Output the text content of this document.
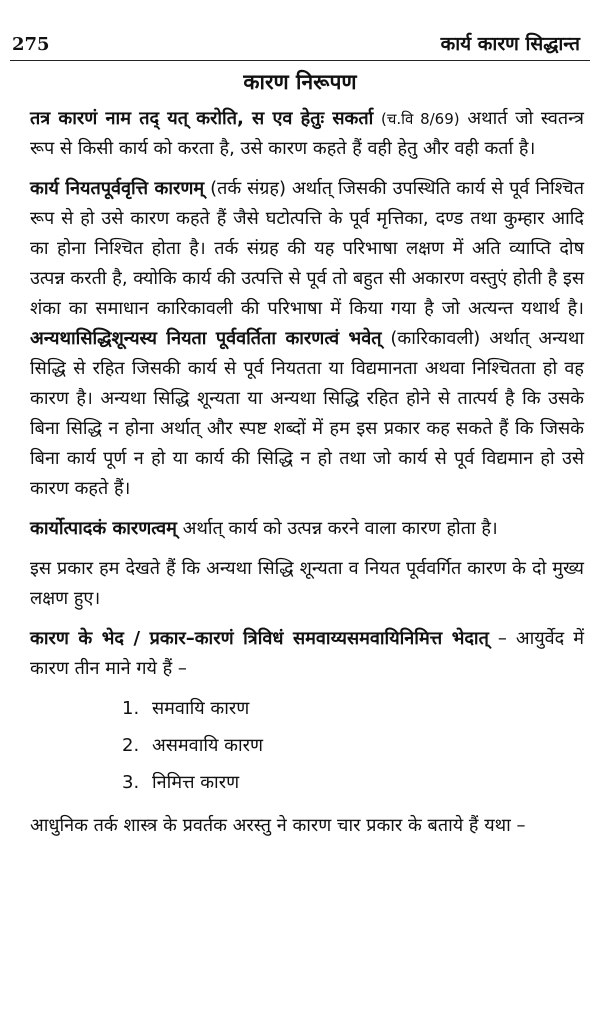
275	कार्य कारण सिद्धान्त
कारण निरूपण

तत्र कारणं नाम तद् यत् करोति, स एव हेतुः सकर्ता (च.वि 8/69) अथार्त जो स्वतन्त्र रूप से किसी कार्य को करता है, उसे कारण कहते हैं वही हेतु और वही कर्ता है।

कार्य नियतपूर्ववृत्ति कारणम् (तर्क संग्रह) अर्थात् जिसकी उपस्थिति कार्य से पूर्व निश्चित रूप से हो उसे कारण कहते हैं जैसे घटोत्पत्ति के पूर्व मृत्तिका, दण्ड तथा कुम्हार आदि का होना निश्चित होता है। तर्क संग्रह की यह परिभाषा लक्षण में अति व्याप्ति दोष उत्पन्न करती है, क्योकि कार्य की उत्पत्ति से पूर्व तो बहुत सी अकारण वस्तुएं होती है इस शंका का समाधान कारिकावली की परिभाषा में किया गया है जो अत्यन्त यथार्थ है। अन्यथासिद्धिशून्यस्य नियता पूर्ववर्तिता कारणत्वं भवेत् (कारिकावली) अर्थात् अन्यथा सिद्धि से रहित जिसकी कार्य से पूर्व नियतता या विद्यमानता अथवा निश्चितता हो वह कारण है। अन्यथा सिद्धि शून्यता या अन्यथा सिद्धि रहित होने से तात्पर्य है कि उसके बिना सिद्धि न होना अर्थात् और स्पष्ट शब्दों में हम इस प्रकार कह सकते हैं कि जिसके बिना कार्य पूर्ण न हो या कार्य की सिद्धि न हो तथा जो कार्य से पूर्व विद्यमान हो उसे कारण कहते हैं।

कार्योत्पादकं कारणत्वम् अर्थात् कार्य को उत्पन्न करने वाला कारण होता है।

इस प्रकार हम देखते हैं कि अन्यथा सिद्धि शून्यता व नियत पूर्ववर्गित कारण के दो मुख्य लक्षण हुए।

कारण के भेद / प्रकार–कारणं त्रिविधं समवाय्यसमवायिनिमित्त भेदात् – आयुर्वेद में कारण तीन माने गये हैं –

1. समवायि कारण
2. असमवायि कारण
3. निमित्त कारण

आधुनिक तर्क शास्त्र के प्रवर्तक अरस्तु ने कारण चार प्रकार के बताये हैं यथा –
